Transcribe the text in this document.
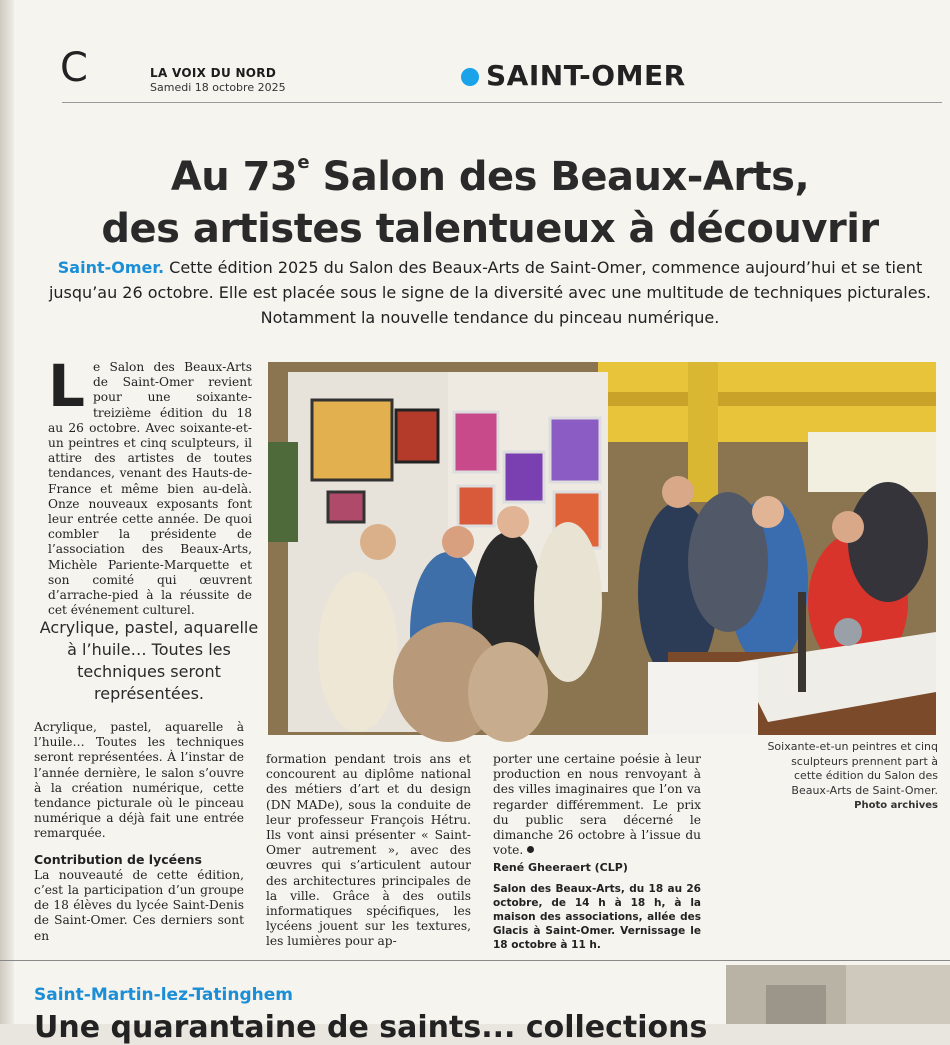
C	LA VOIX DU NORD
Samedi 18 octobre 2025	SAINT-OMER
Au 73e Salon des Beaux-Arts,
des artistes talentueux à découvrir
Saint-Omer. Cette édition 2025 du Salon des Beaux-Arts de Saint-Omer, commence aujourd’hui et se tient jusqu’au 26 octobre. Elle est placée sous le signe de la diversité avec une multitude de techniques picturales. Notamment la nouvelle tendance du pinceau numérique.
Le Salon des Beaux-Arts de Saint-Omer revient pour une soixante-treizième édition du 18 au 26 octobre. Avec soixante-et-un peintres et cinq sculpteurs, il attire des artistes de toutes tendances, venant des Hauts-de-France et même bien au-delà. Onze nouveaux exposants font leur entrée cette année. De quoi combler la présidente de l’association des Beaux-Arts, Michèle Pariente-Marquette et son comité qui œuvrent d’arrache-pied à la réussite de cet événement culturel.
Acrylique, pastel, aquarelle à l’huile… Toutes les techniques seront représentées.
Acrylique, pastel, aquarelle à l’huile… Toutes les techniques seront représentées. À l’instar de l’année dernière, le salon s’ouvre à la création numérique, cette tendance picturale où le pinceau numérique a déjà fait une entrée remarquée.
Contribution de lycéens
La nouveauté de cette édition, c’est la participation d’un groupe de 18 élèves du lycée Saint-Denis de Saint-Omer. Ces derniers sont en
formation pendant trois ans et concourent au diplôme national des métiers d’art et du design (DN MADe), sous la conduite de leur professeur François Hétru. Ils vont ainsi présenter « Saint-Omer autrement », avec des œuvres qui s’articulent autour des architectures principales de la ville. Grâce à des outils informatiques spécifiques, les lycéens jouent sur les textures, les lumières pour ap-
porter une certaine poésie à leur production en nous renvoyant à des villes imaginaires que l’on va regarder différemment. Le prix du public sera décerné le dimanche 26 octobre à l’issue du vote.
René Gheeraert (CLP)
Salon des Beaux-Arts, du 18 au 26 octobre, de 14 h à 18 h, à la maison des associations, allée des Glacis à Saint-Omer. Vernissage le 18 octobre à 11 h.
Soixante-et-un peintres et cinq sculpteurs prennent part à cette édition du Salon des Beaux-Arts de Saint-Omer. Photo archives
Saint-Martin-lez-Tatinghem
Une quarantaine de saints... collections
